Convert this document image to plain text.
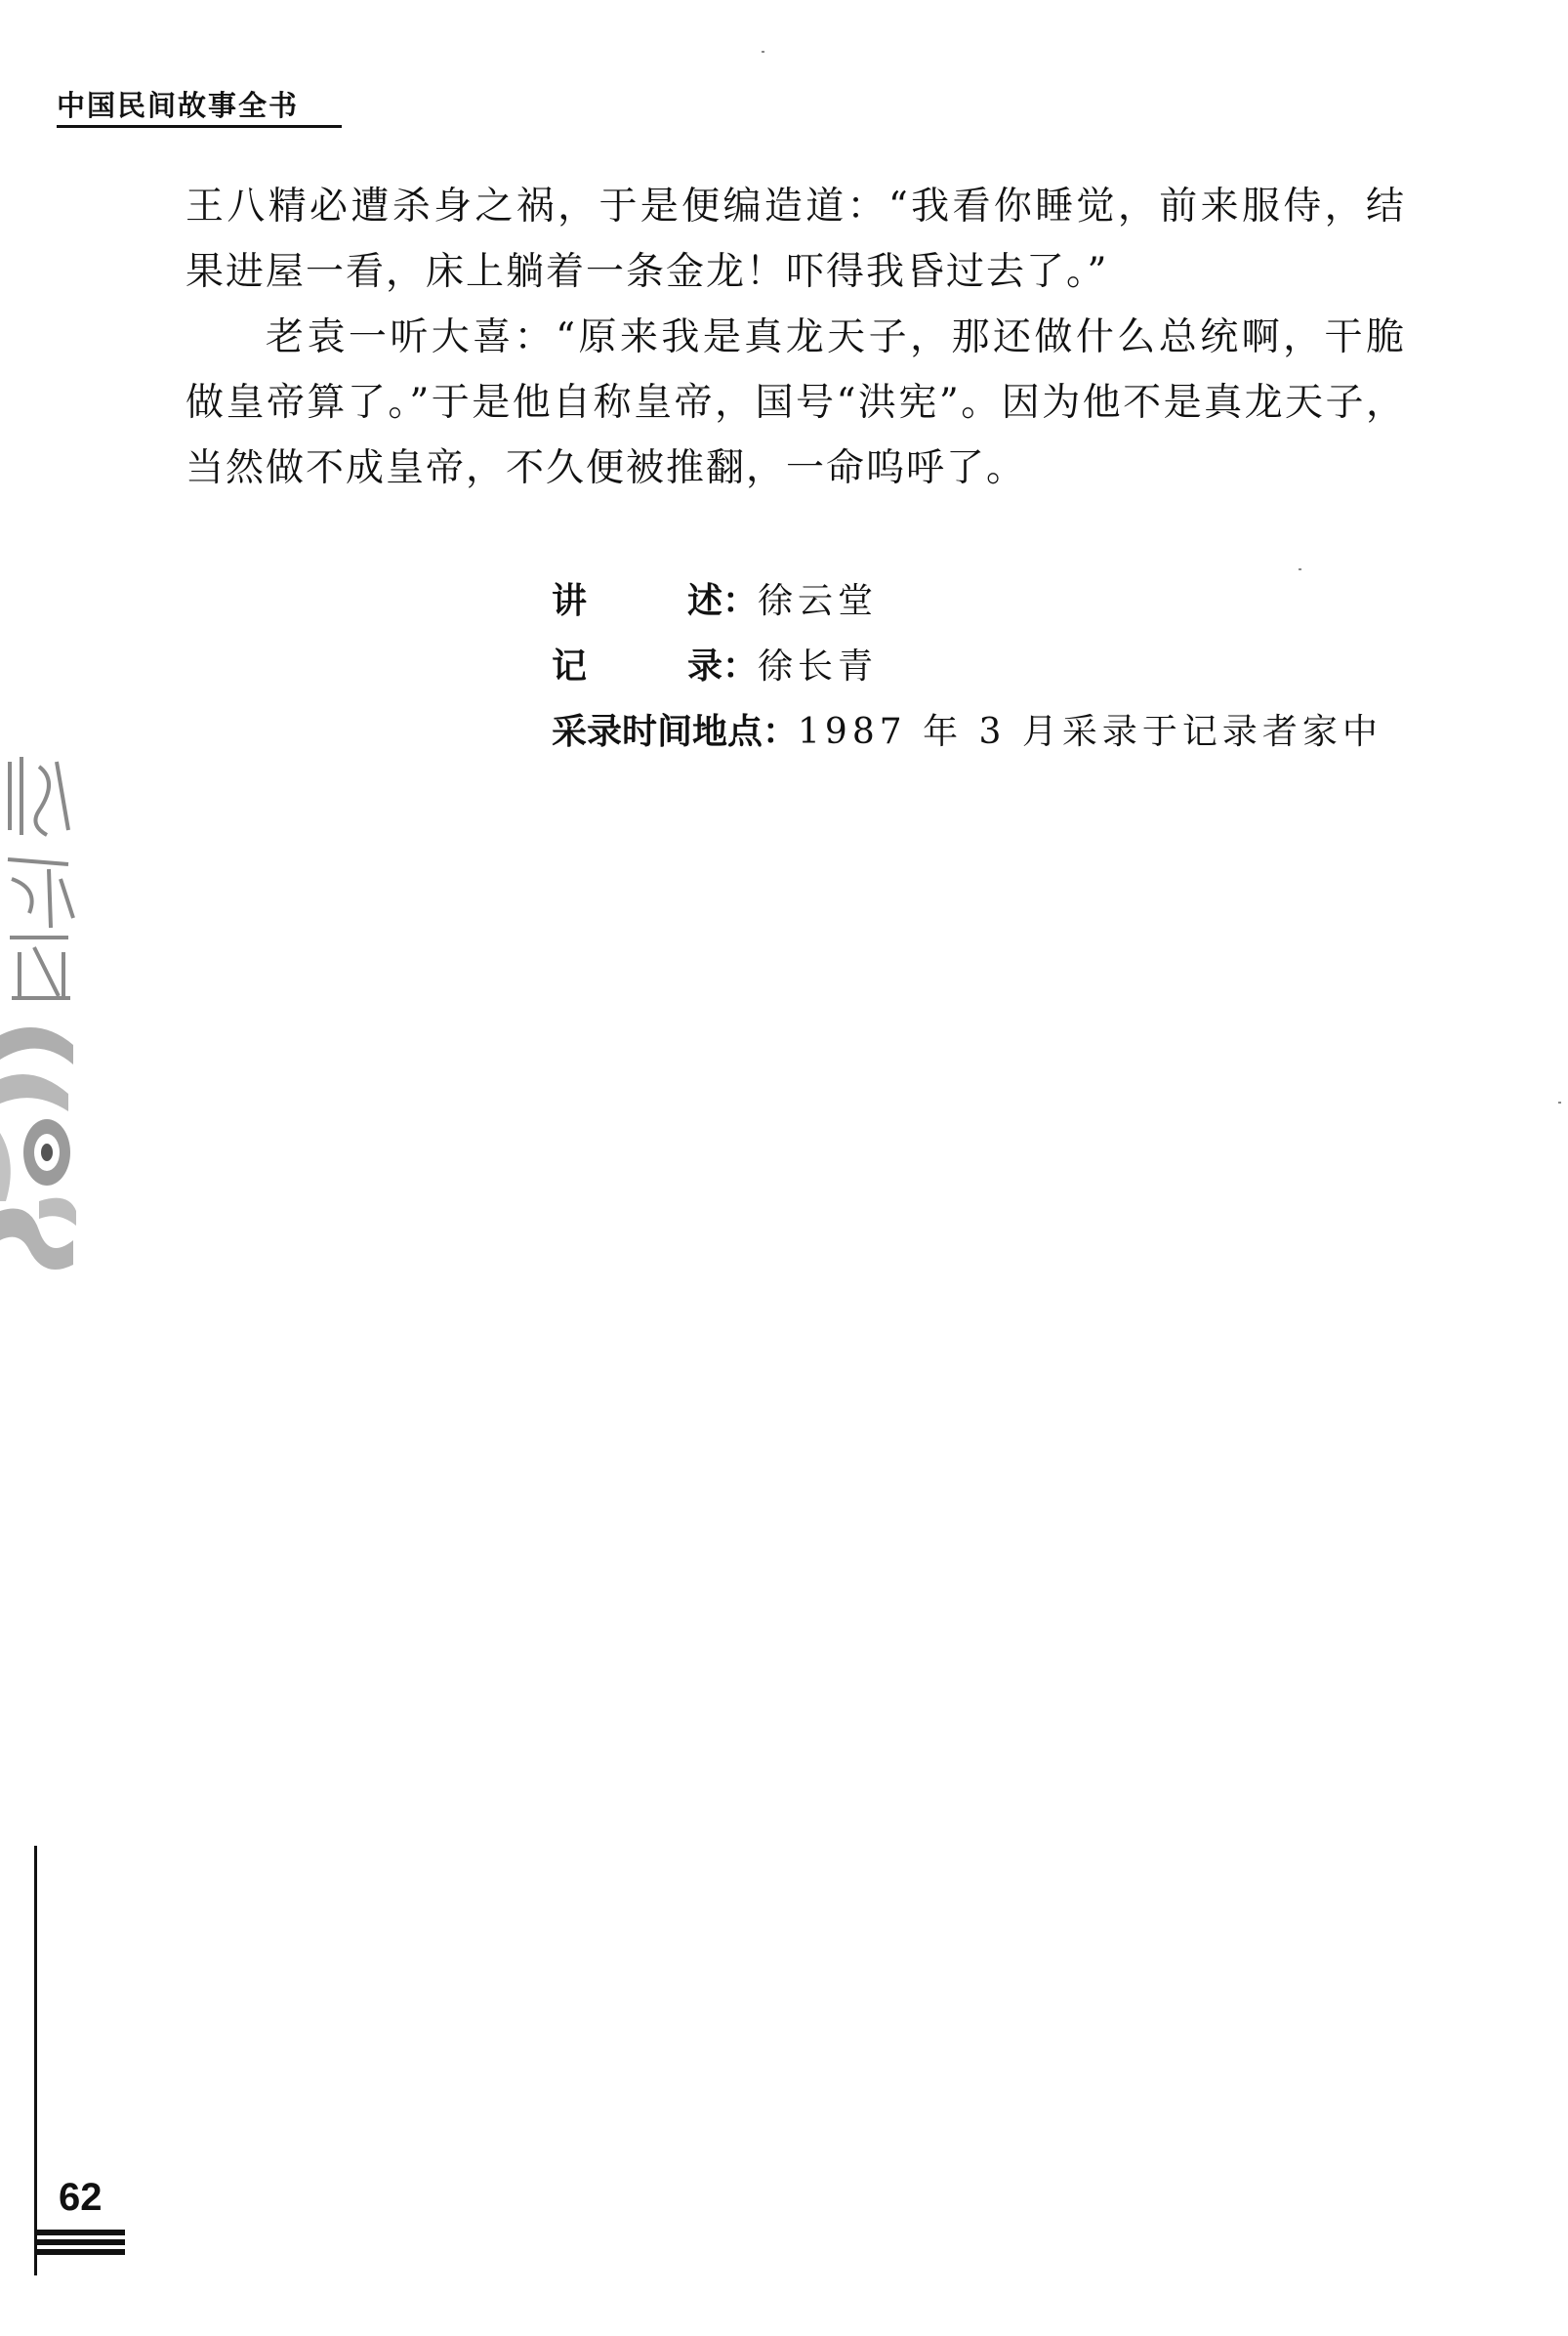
中国民间故事全书

王八精必遭杀身之祸，于是便编造道：“我看你睡觉，前来服侍，结果进屋一看，床上躺着一条金龙！吓得我昏过去了。”

老袁一听大喜：“原来我是真龙天子，那还做什么总统啊，干脆做皇帝算了。”于是他自称皇帝，国号“洪宪”。因为他不是真龙天子，当然做不成皇帝，不久便被推翻，一命呜呼了。

讲述：徐云堂
记录：徐长青
采录时间地点：1987 年 3 月采录于记录者家中
62
